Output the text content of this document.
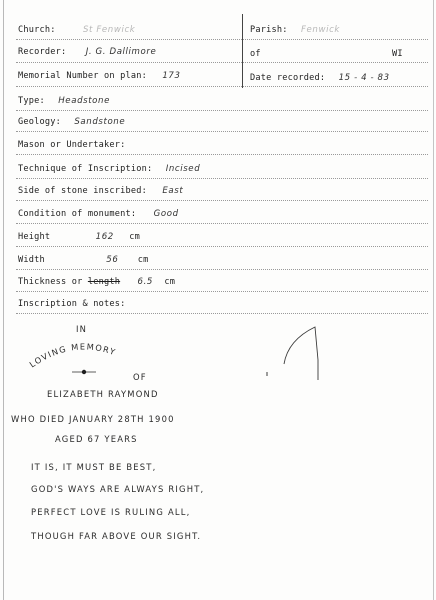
Church:	St Fenwick	Parish: Fenwick
Recorder: J. G. Dallimore	of	WI
Memorial Number on plan: 173	Date recorded: 15 - 4 - 83
Type: Headstone
Geology: Sandstone
Mason or Undertaker:
Technique of Inscription: Incised
Side of stone inscribed: East
Condition of monument: Good
Height	162 cm
Width	56 cm
Thickness or length 6.5 cm
Inscription & notes:
IN
LOVING MEMORY
OF
ELIZABETH RAYMOND
WHO DIED JANUARY 28TH 1900
AGED 67 YEARS
IT IS, IT MUST BE BEST,
GOD'S WAYS ARE ALWAYS RIGHT,
PERFECT LOVE IS RULING ALL,
THOUGH FAR ABOVE OUR SIGHT.
